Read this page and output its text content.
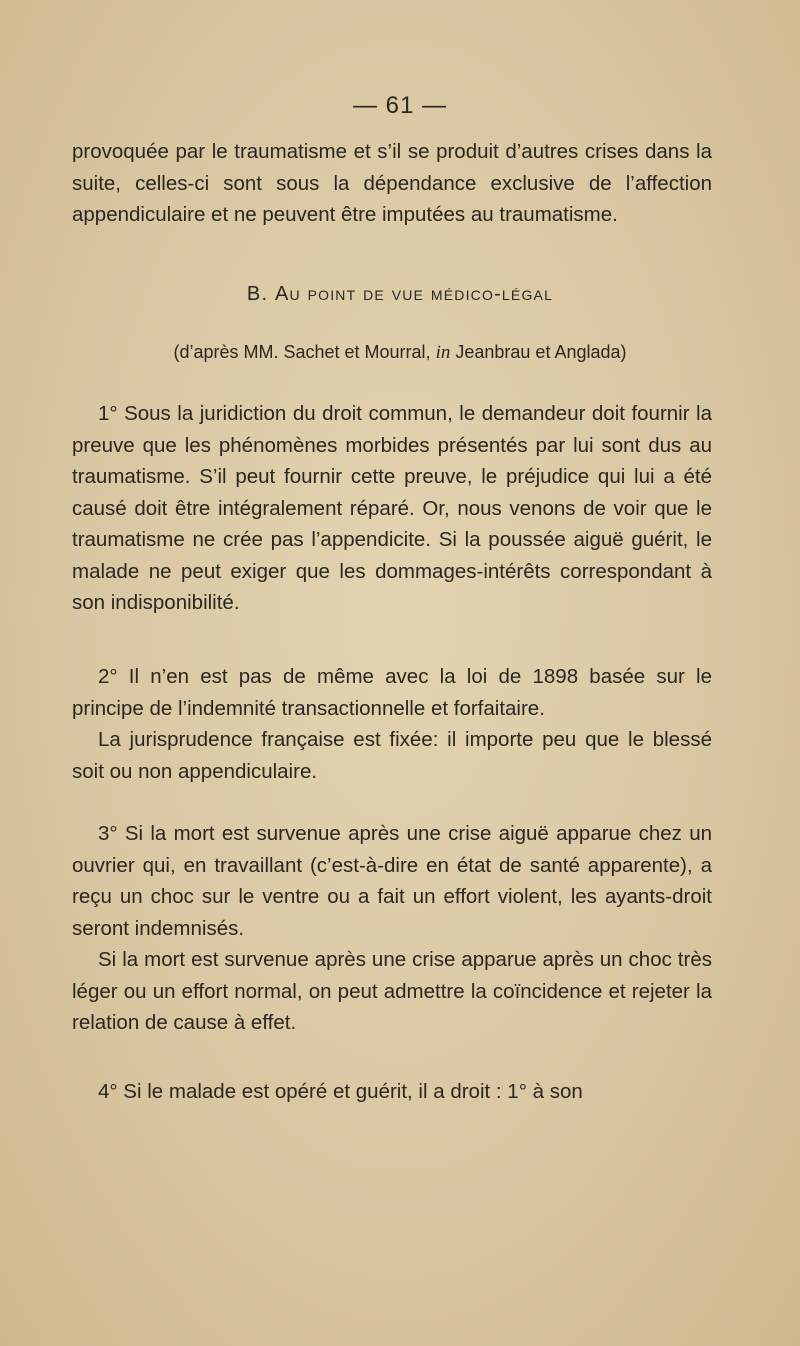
— 61 —

provoquée par le traumatisme et s’il se produit d’autres crises dans la suite, celles-ci sont sous la dépendance exclusive de l’affection appendiculaire et ne peuvent être imputées au traumatisme.

B. Au point de vue médico-légal
(d’après MM. Sachet et Mourral, in Jeanbrau et Anglada)

1° Sous la juridiction du droit commun, le demandeur doit fournir la preuve que les phénomènes morbides présentés par lui sont dus au traumatisme. S’il peut fournir cette preuve, le préjudice qui lui a été causé doit être intégralement réparé. Or, nous venons de voir que le traumatisme ne crée pas l’appendicite. Si la poussée aiguë guérit, le malade ne peut exiger que les dommages-intérêts correspondant à son indisponibilité.

2° Il n’en est pas de même avec la loi de 1898 basée sur le principe de l’indemnité transactionnelle et forfaitaire.

La jurisprudence française est fixée: il importe peu que le blessé soit ou non appendiculaire.

3° Si la mort est survenue après une crise aiguë apparue chez un ouvrier qui, en travaillant (c’est-à-dire en état de santé apparente), a reçu un choc sur le ventre ou a fait un effort violent, les ayants-droit seront indemnisés.

Si la mort est survenue après une crise apparue après un choc très léger ou un effort normal, on peut admettre la coïncidence et rejeter la relation de cause à effet.

4° Si le malade est opéré et guérit, il a droit : 1° à son
